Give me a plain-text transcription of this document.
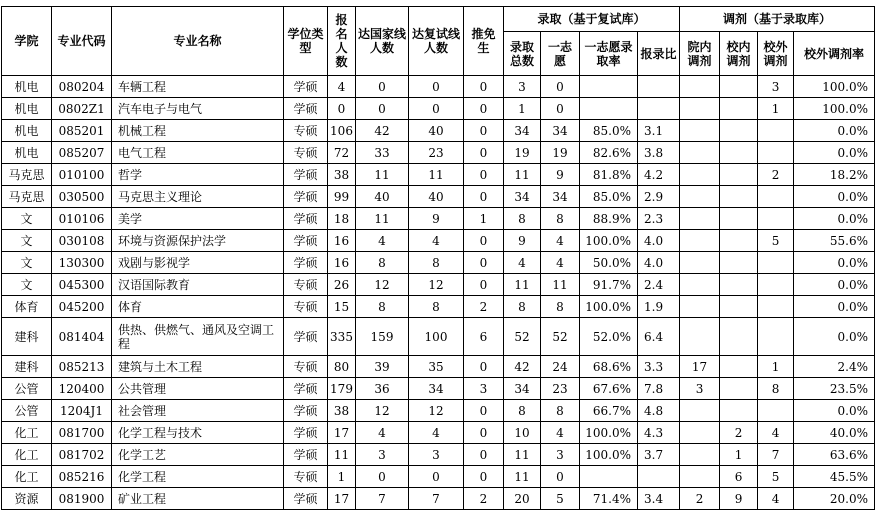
学院	专业代码	专业名称	学位类型	报名人数	达国家线人数	达复试线人数	推免生	录取（基于复试库）				调剂（基于录取库）			
								录取总数	一志愿	一志愿录取率	报录比	院内调剂	校内调剂	校外调剂	校外调剂率
机电	080204	车辆工程	学硕	4	0	0	0	3	0					3	100.0%
机电	0802Z1	汽车电子与电气	学硕	0	0	0	0	1	0					1	100.0%
机电	085201	机械工程	专硕	106	42	40	0	34	34	85.0%	3.1				0.0%
机电	085207	电气工程	专硕	72	33	23	0	19	19	82.6%	3.8				0.0%
马克思	010100	哲学	学硕	38	11	11	0	11	9	81.8%	4.2			2	18.2%
马克思	030500	马克思主义理论	学硕	99	40	40	0	34	34	85.0%	2.9				0.0%
文	010106	美学	学硕	18	11	9	1	8	8	88.9%	2.3				0.0%
文	030108	环境与资源保护法学	学硕	16	4	4	0	9	4	100.0%	4.0			5	55.6%
文	130300	戏剧与影视学	学硕	16	8	8	0	4	4	50.0%	4.0				0.0%
文	045300	汉语国际教育	专硕	26	12	12	0	11	11	91.7%	2.4				0.0%
体育	045200	体育	专硕	15	8	8	2	8	8	100.0%	1.9				0.0%
建科	081404	供热、供燃气、通风及空调工程	学硕	335	159	100	6	52	52	52.0%	6.4				0.0%
建科	085213	建筑与土木工程	专硕	80	39	35	0	42	24	68.6%	3.3	17		1	2.4%
公管	120400	公共管理	学硕	179	36	34	3	34	23	67.6%	7.8	3		8	23.5%
公管	1204J1	社会管理	学硕	38	12	12	0	8	8	66.7%	4.8				0.0%
化工	081700	化学工程与技术	学硕	17	4	4	0	10	4	100.0%	4.3		2	4	40.0%
化工	081702	化学工艺	学硕	11	3	3	0	11	3	100.0%	3.7		1	7	63.6%
化工	085216	化学工程	专硕	1	0	0	0	11	0				6	5	45.5%
资源	081900	矿业工程	学硕	17	7	7	2	20	5	71.4%	3.4	2	9	4	20.0%
